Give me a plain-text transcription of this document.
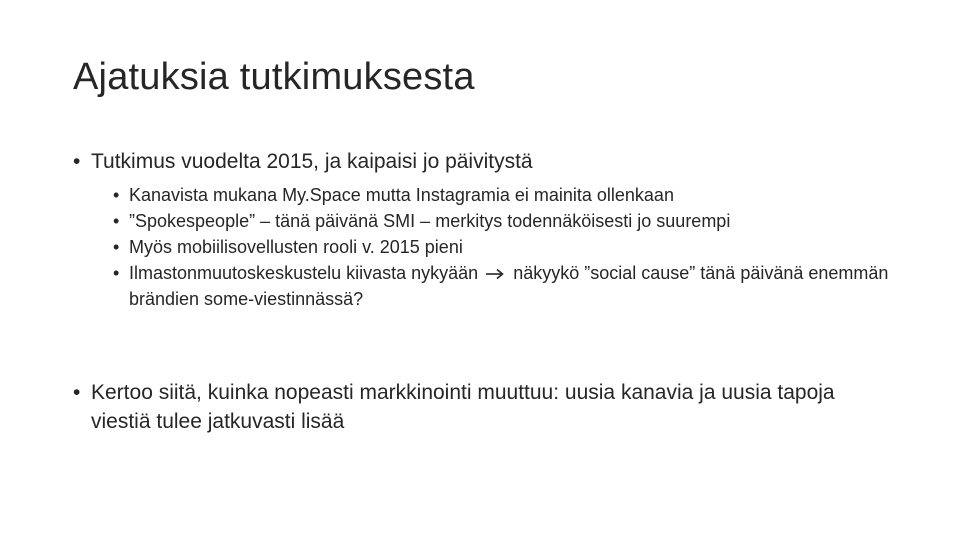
Ajatuksia tutkimuksesta
• Tutkimus vuodelta 2015, ja kaipaisi jo päivitystä
• Kanavista mukana My.Space mutta Instagramia ei mainita ollenkaan
• ”Spokespeople” – tänä päivänä SMI – merkitys todennäköisesti jo suurempi
• Myös mobiilisovellusten rooli v. 2015 pieni
• Ilmastonmuutoskeskustelu kiivasta nykyään näkyykö ”social cause” tänä päivänä enemmän brändien some-viestinnässä?
• Kertoo siitä, kuinka nopeasti markkinointi muuttuu: uusia kanavia ja uusia tapoja viestiä tulee jatkuvasti lisää
